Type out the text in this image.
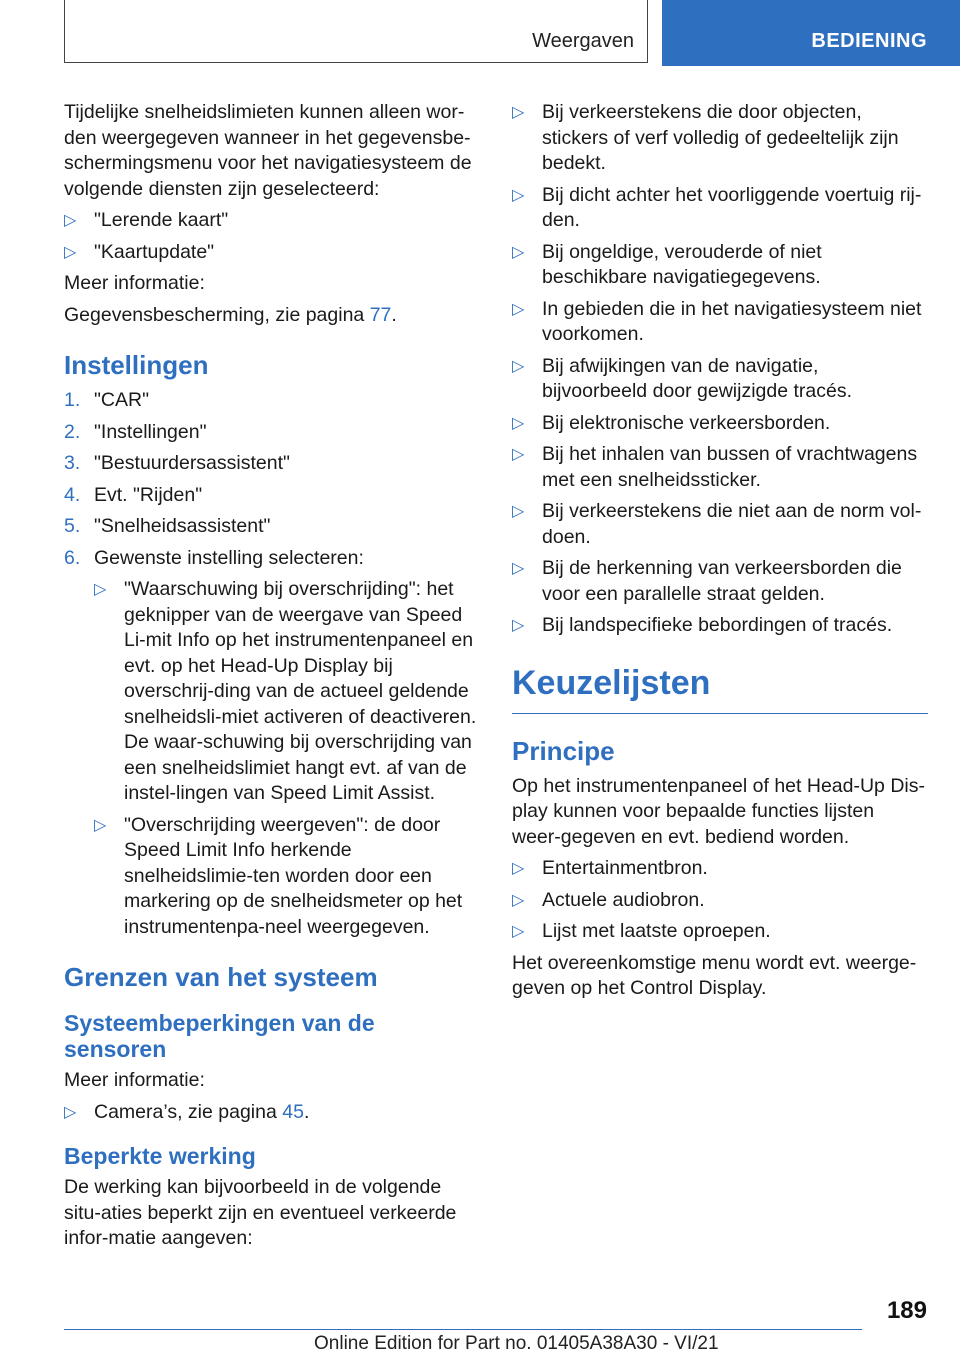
Weergaven	BEDIENING

Tijdelijke snelheidslimieten kunnen alleen wor-den weergegeven wanneer in het gegevensbe-schermingsmenu voor het navigatiesysteem de volgende diensten zijn geselecteerd:

▷ "Lerende kaart"
▷ "Kaartupdate"

Meer informatie:

Gegevensbescherming, zie pagina 77.

Instellingen
1. "CAR"
2. "Instellingen"
3. "Bestuurdersassistent"
4. Evt. "Rijden"
5. "Snelheidsassistent"
6. Gewenste instelling selecteren:
▷ "Waarschuwing bij overschrijding": het geknipper van de weergave van Speed Li-mit Info op het instrumentenpaneel en evt. op het Head-Up Display bij overschrij-ding van de actueel geldende snelheidsli-miet activeren of deactiveren. De waar-schuwing bij overschrijding van een snelheidslimiet hangt evt. af van de instel-lingen van Speed Limit Assist.
▷ "Overschrijding weergeven": de door Speed Limit Info herkende snelheidslimie-ten worden door een markering op de snelheidsmeter op het instrumentenpa-neel weergegeven.
Grenzen van het systeem
Systeembeperkingen van de sensoren

Meer informatie:

▷ Camera’s, zie pagina 45.
Beperkte werking

De werking kan bijvoorbeeld in de volgende situ-aties beperkt zijn en eventueel verkeerde infor-matie aangeven:

▷ Bij verkeerstekens die door objecten, stickers of verf volledig of gedeeltelijk zijn bedekt.
▷ Bij dicht achter het voorliggende voertuig rij-den.
▷ Bij ongeldige, verouderde of niet beschikbare navigatiegegevens.
▷ In gebieden die in het navigatiesysteem niet voorkomen.
▷ Bij afwijkingen van de navigatie, bijvoorbeeld door gewijzigde tracés.
▷ Bij elektronische verkeersborden.
▷ Bij het inhalen van bussen of vrachtwagens met een snelheidssticker.
▷ Bij verkeerstekens die niet aan de norm vol-doen.
▷ Bij de herkenning van verkeersborden die voor een parallelle straat gelden.
▷ Bij landspecifieke bebordingen of tracés.
Keuzelijsten
Principe

Op het instrumentenpaneel of het Head-Up Dis-play kunnen voor bepaalde functies lijsten weer-gegeven en evt. bediend worden.

▷ Entertainmentbron.
▷ Actuele audiobron.
▷ Lijst met laatste oproepen.

Het overeenkomstige menu wordt evt. weerge-geven op het Control Display.

189
Online Edition for Part no. 01405A38A30 - VI/21
